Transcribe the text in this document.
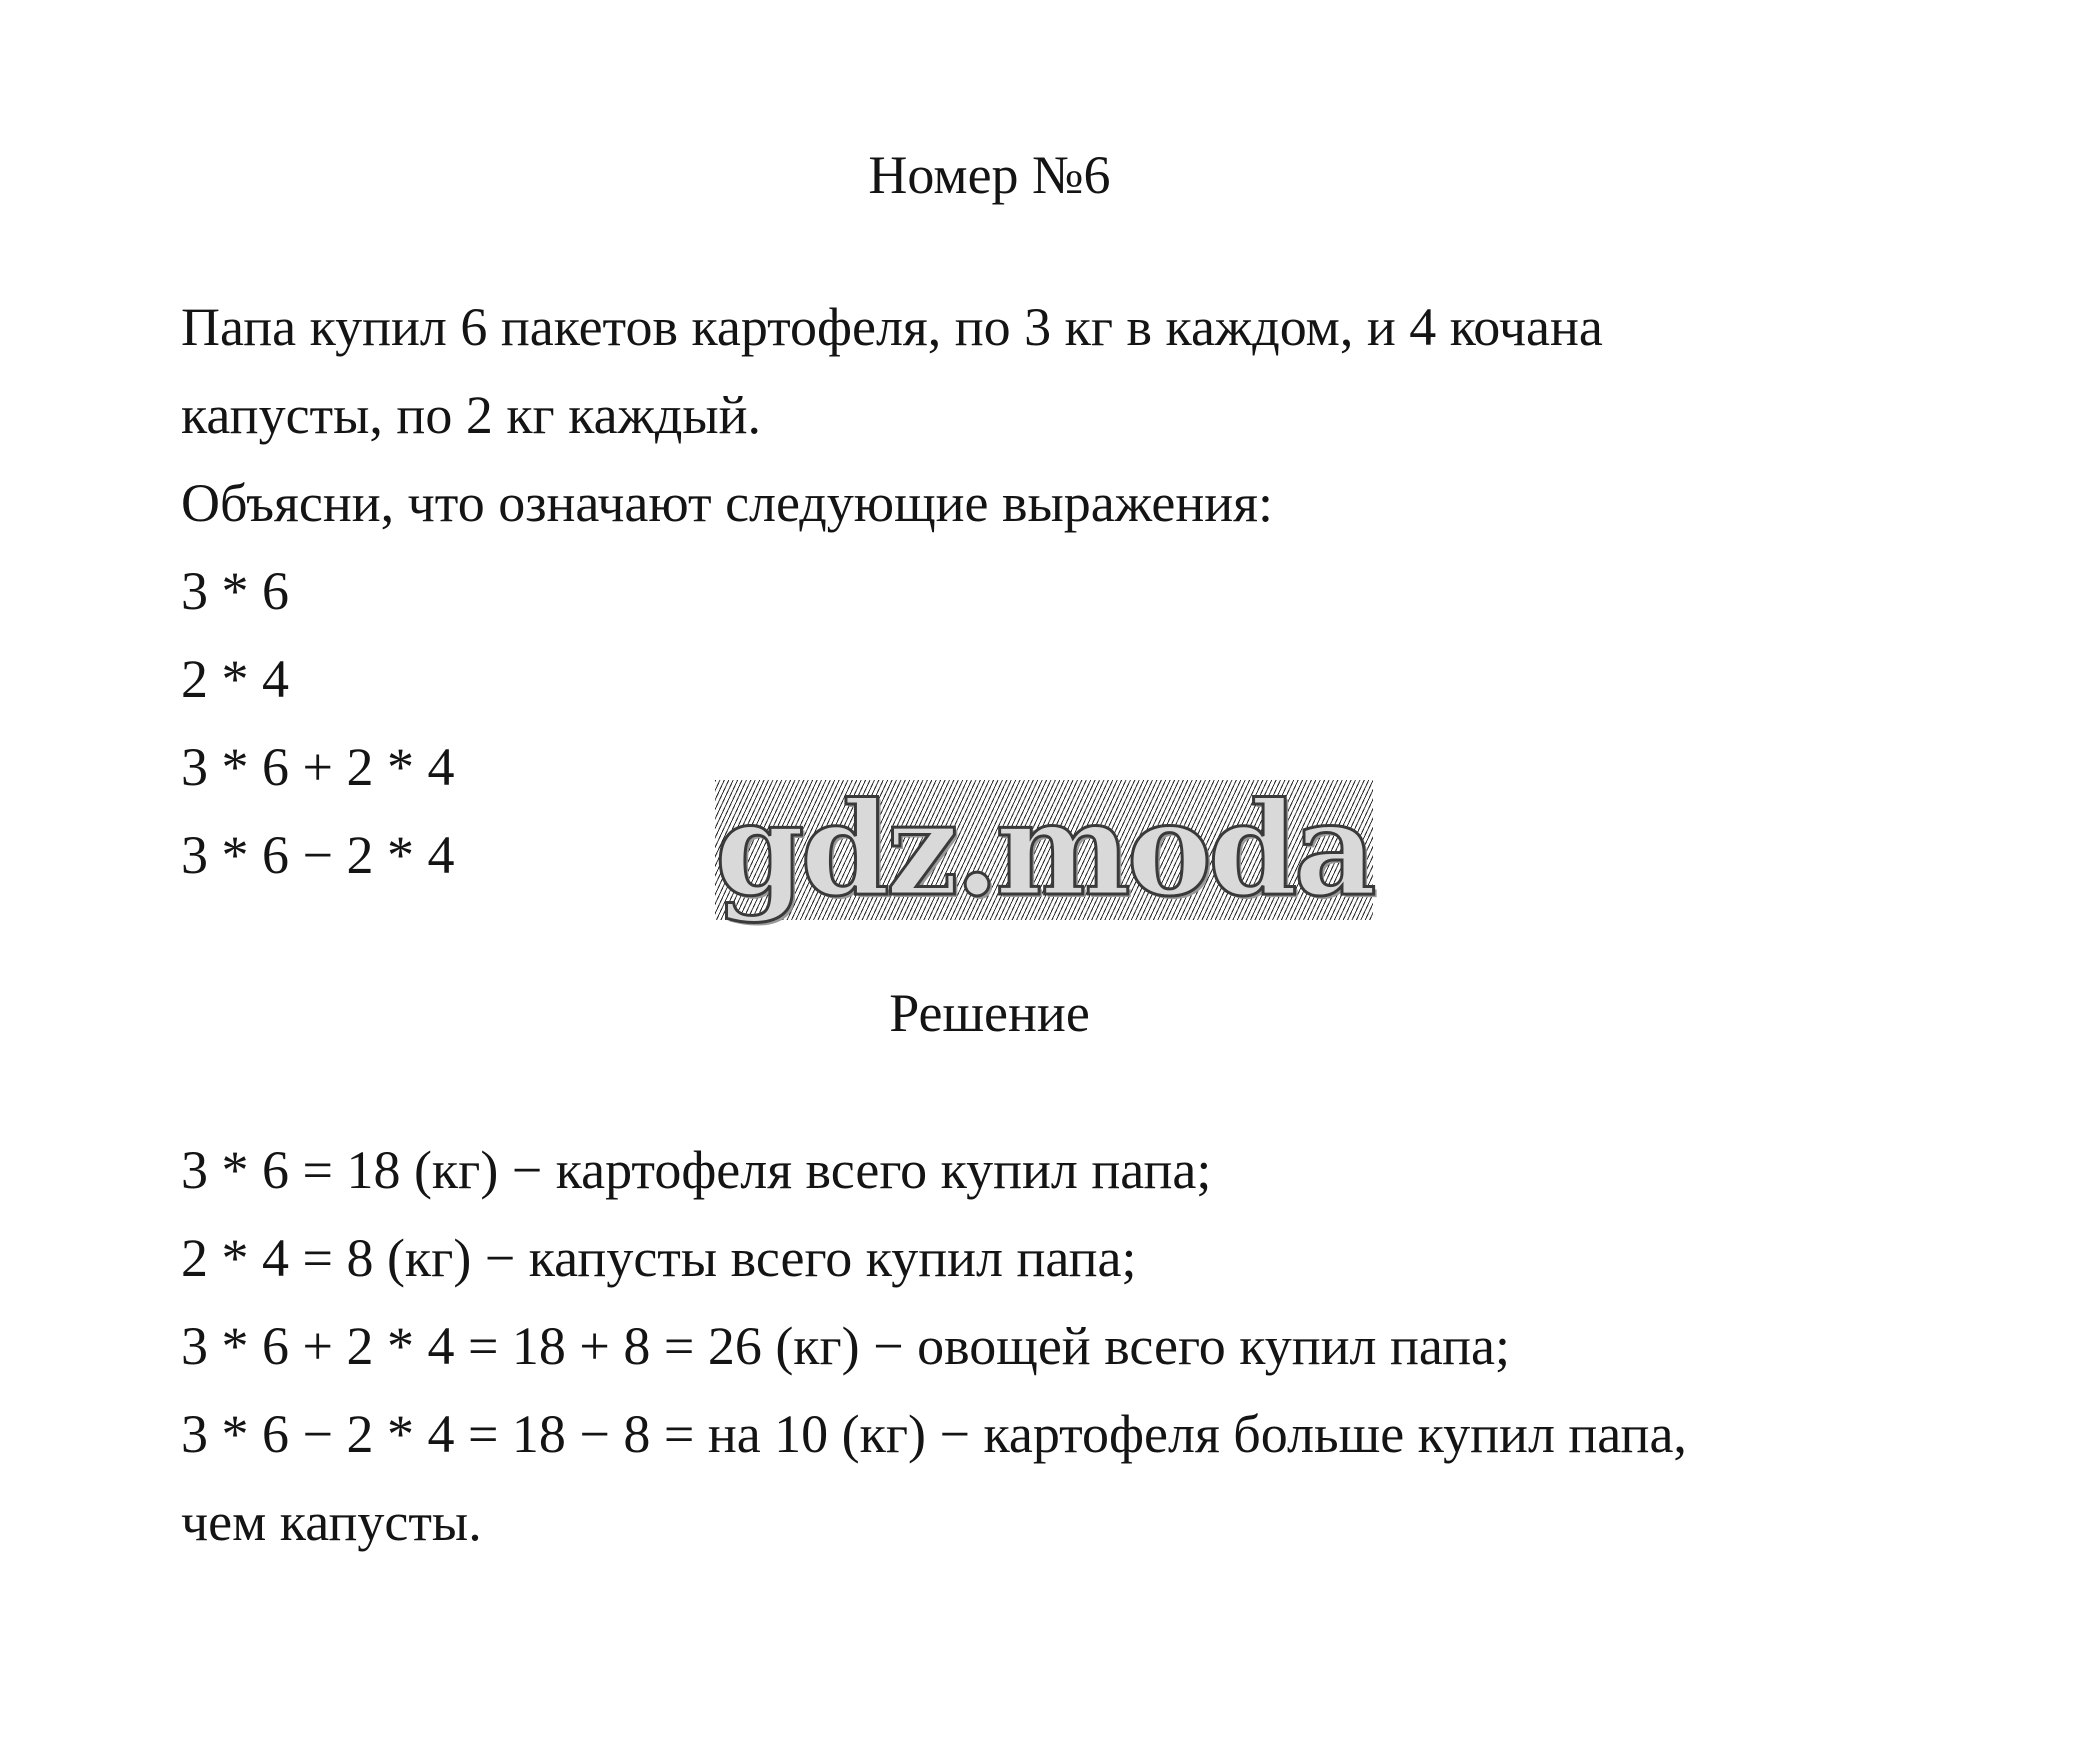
Номер №6
Папа купил 6 пакетов картофеля, по 3 кг в каждом, и 4 кочана
капусты, по 2 кг каждый.
Объясни, что означают следующие выражения:
3 * 6
2 * 4
3 * 6 + 2 * 4
3 * 6 − 2 * 4	gdz.moda
Решение
3 * 6 = 18 (кг) − картофеля всего купил папа;
2 * 4 = 8 (кг) − капусты всего купил папа;
3 * 6 + 2 * 4 = 18 + 8 = 26 (кг) − овощей всего купил папа;
3 * 6 − 2 * 4 = 18 − 8 = на 10 (кг) − картофеля больше купил папа,
чем капусты.
